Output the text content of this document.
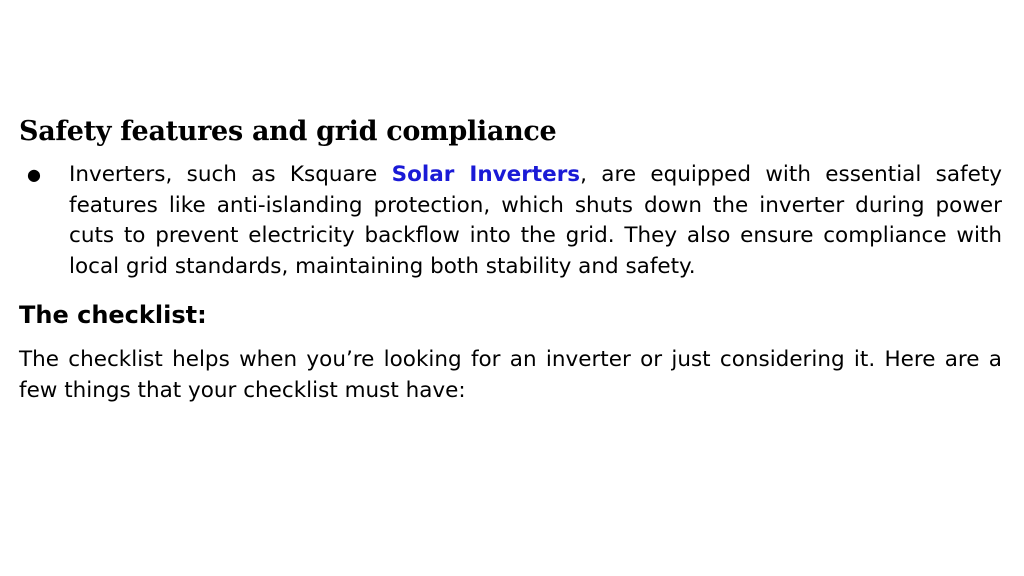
Safety features and grid compliance
● Inverters, such as Ksquare Solar Inverters, are equipped with essential safety features like anti-islanding protection, which shuts down the inverter during power cuts to prevent electricity backflow into the grid. They also ensure compliance with local grid standards, maintaining both stability and safety.
The checklist:

The checklist helps when you’re looking for an inverter or just considering it. Here are a few things that your checklist must have:
